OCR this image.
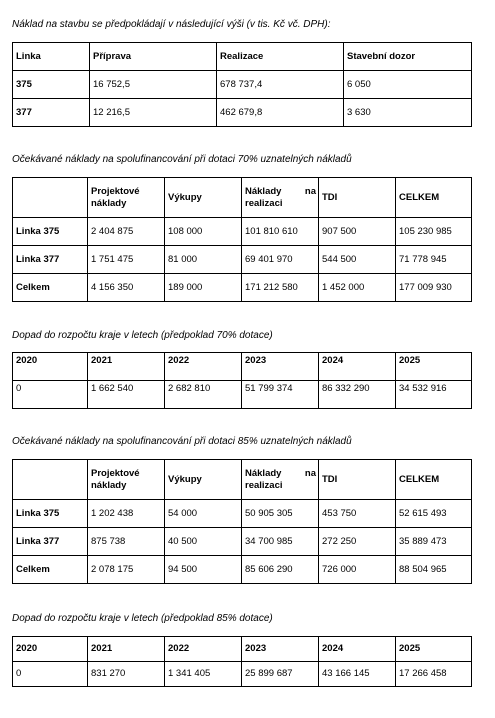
Náklad na stavbu se předpokládají v následující výši (v tis. Kč vč. DPH):
Linka	Příprava	Realizace	Stavební dozor
375	16 752,5	678 737,4	6 050
377	12 216,5	462 679,8	3 630
Očekávané náklady na spolufinancování při dotaci 70% uznatelných nákladů
	Projektové náklady	Výkupy	Náklady na realizaci	TDI	CELKEM
Linka 375	2 404 875	108 000	101 810 610	907 500	105 230 985
Linka 377	1 751 475	81 000	69 401 970	544 500	71 778 945
Celkem	4 156 350	189 000	171 212 580	1 452 000	177 009 930
Dopad do rozpočtu kraje v letech (předpoklad 70% dotace)
2020	2021	2022	2023	2024	2025
0	1 662 540	2 682 810	51 799 374	86 332 290	34 532 916
Očekávané náklady na spolufinancování při dotaci 85% uznatelných nákladů
	Projektové náklady	Výkupy	Náklady na realizaci	TDI	CELKEM
Linka 375	1 202 438	54 000	50 905 305	453 750	52 615 493
Linka 377	875 738	40 500	34 700 985	272 250	35 889 473
Celkem	2 078 175	94 500	85 606 290	726 000	88 504 965
Dopad do rozpočtu kraje v letech (předpoklad 85% dotace)
2020	2021	2022	2023	2024	2025
0	831 270	1 341 405	25 899 687	43 166 145	17 266 458
